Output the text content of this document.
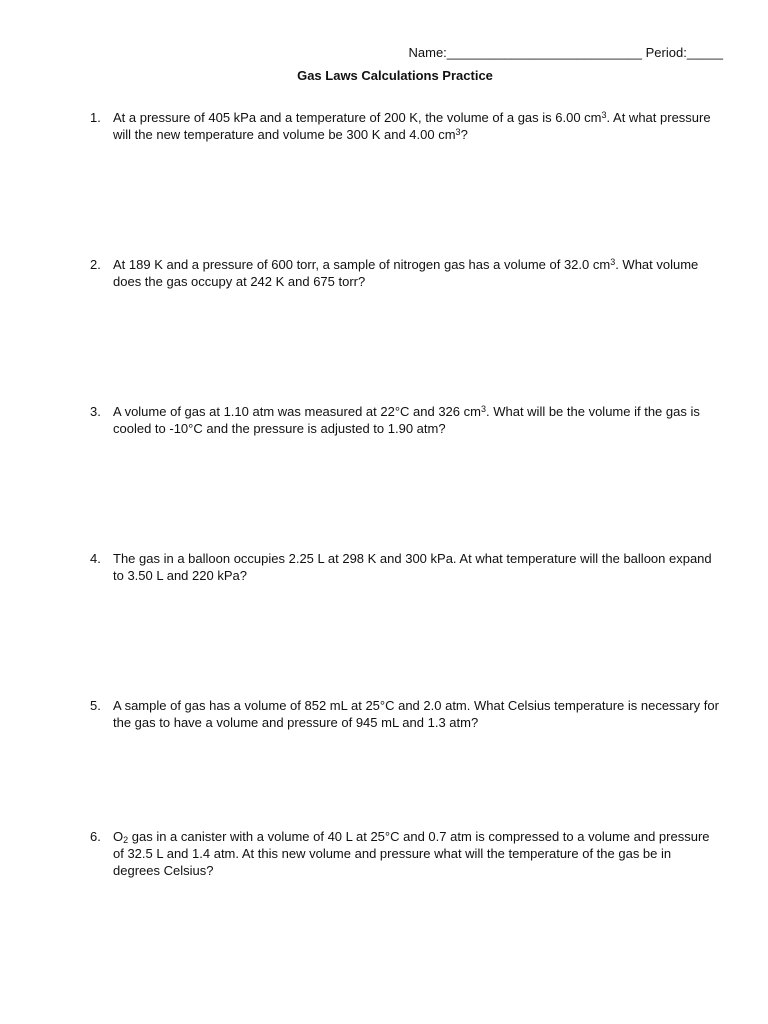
Name:___________________________ Period:_____
Gas Laws Calculations Practice
1. At a pressure of 405 kPa and a temperature of 200 K, the volume of a gas is 6.00 $cm^3$. At what pressure will the new temperature and volume be 300 K and 4.00 $cm^3$?
2. At 189 K and a pressure of 600 torr, a sample of nitrogen gas has a volume of 32.0 $cm^3$. What volume does the gas occupy at 242 K and 675 torr?
3. A volume of gas at 1.10 atm was measured at 22°C and 326 $cm^3$. What will be the volume if the gas is cooled to -10°C and the pressure is adjusted to 1.90 atm?
4. The gas in a balloon occupies 2.25 L at 298 K and 300 kPa. At what temperature will the balloon expand to 3.50 L and 220 kPa?
5. A sample of gas has a volume of 852 mL at 25°C and 2.0 atm. What Celsius temperature is necessary for the gas to have a volume and pressure of 945 mL and 1.3 atm?
6. $O_2$ gas in a canister with a volume of 40 L at 25°C and 0.7 atm is compressed to a volume and pressure of 32.5 L and 1.4 atm. At this new volume and pressure what will the temperature of the gas be in degrees Celsius?
